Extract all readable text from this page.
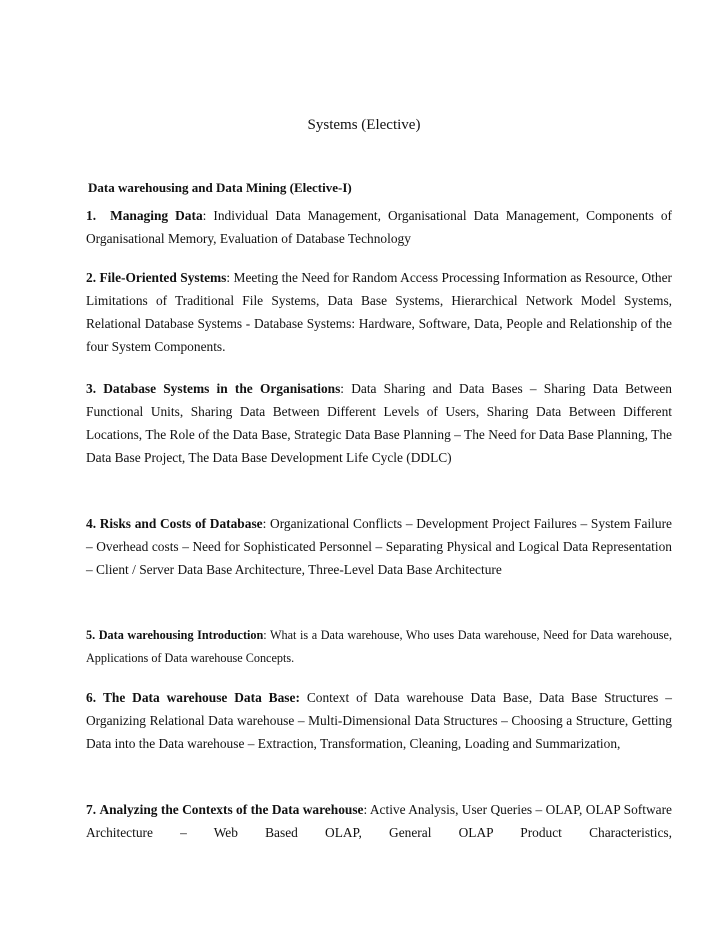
Systems (Elective)
Data warehousing and Data Mining (Elective-I)
1. Managing Data: Individual Data Management, Organisational Data Management, Components of Organisational Memory, Evaluation of Database Technology
2. File-Oriented Systems: Meeting the Need for Random Access Processing Information as Resource, Other Limitations of Traditional File Systems, Data Base Systems, Hierarchical Network Model Systems, Relational Database Systems - Database Systems: Hardware, Software, Data, People and Relationship of the four System Components.
3. Database Systems in the Organisations: Data Sharing and Data Bases – Sharing Data Between Functional Units, Sharing Data Between Different Levels of Users, Sharing Data Between Different Locations, The Role of the Data Base, Strategic Data Base Planning – The Need for Data Base Planning, The Data Base Project, The Data Base Development Life Cycle (DDLC)
4. Risks and Costs of Database: Organizational Conflicts – Development Project Failures – System Failure – Overhead costs – Need for Sophisticated Personnel – Separating Physical and Logical Data Representation – Client / Server Data Base Architecture, Three-Level Data Base Architecture
5. Data warehousing Introduction: What is a Data warehouse, Who uses Data warehouse, Need for Data warehouse, Applications of Data warehouse Concepts.
6. The Data warehouse Data Base: Context of Data warehouse Data Base, Data Base Structures – Organizing Relational Data warehouse – Multi-Dimensional Data Structures – Choosing a Structure, Getting Data into the Data warehouse – Extraction, Transformation, Cleaning, Loading and Summarization,
7. Analyzing the Contexts of the Data warehouse: Active Analysis, User Queries – OLAP, OLAP Software Architecture – Web Based OLAP, General OLAP Product Characteristics,
